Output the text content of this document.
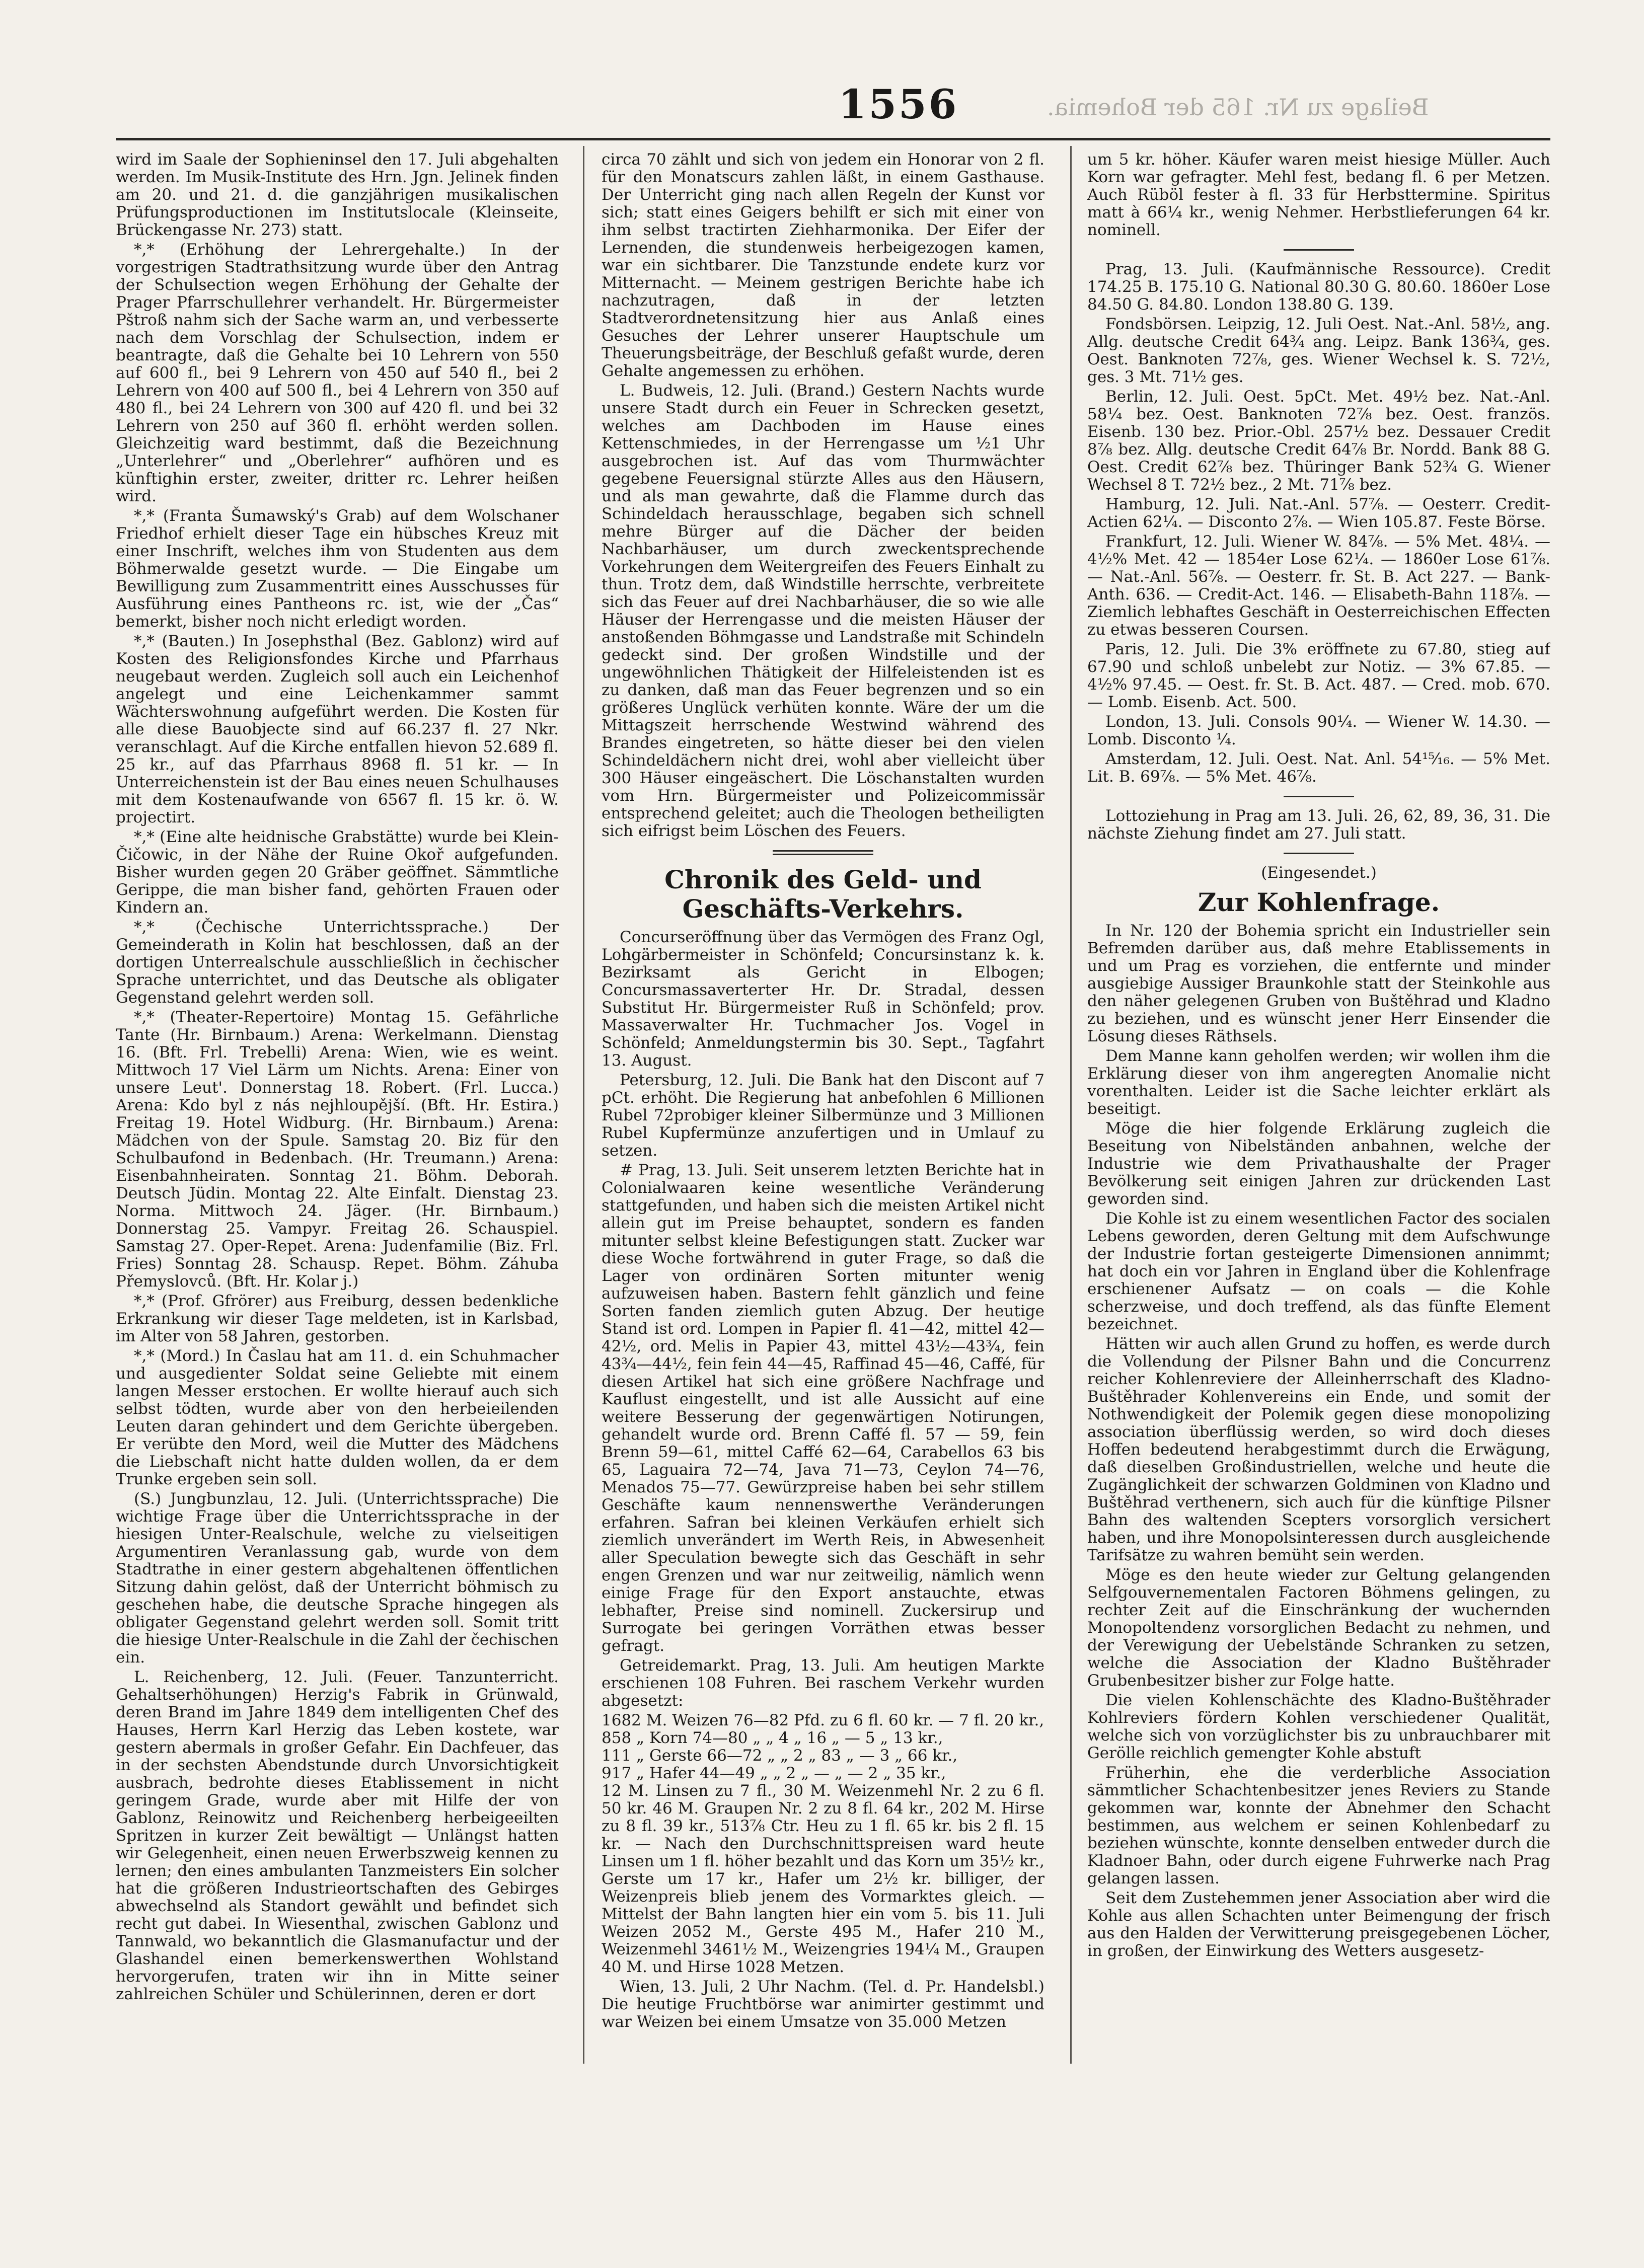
1556	Beilage zu Nr. 165 der Bohemia.

wird im Saale der Sophieninsel den 17. Juli abgehalten werden. Im Musik-Institute des Hrn. Jgn. Jelinek finden am 20. und 21. d. die ganzjährigen musikalischen Prüfungsproductionen im Institutslocale (Kleinseite, Brückengasse Nr. 273) statt.

*,* (Erhöhung der Lehrergehalte.) In der vorgestrigen Stadtrathsitzung wurde über den Antrag der Schulsection wegen Erhöhung der Gehalte der Prager Pfarrschullehrer verhandelt. Hr. Bürgermeister Pštroß nahm sich der Sache warm an, und verbesserte nach dem Vorschlag der Schulsection, indem er beantragte, daß die Gehalte bei 10 Lehrern von 550 auf 600 fl., bei 9 Lehrern von 450 auf 540 fl., bei 2 Lehrern von 400 auf 500 fl., bei 4 Lehrern von 350 auf 480 fl., bei 24 Lehrern von 300 auf 420 fl. und bei 32 Lehrern von 250 auf 360 fl. erhöht werden sollen. Gleichzeitig ward bestimmt, daß die Bezeichnung „Unterlehrer“ und „Oberlehrer“ aufhören und es künftighin erster, zweiter, dritter rc. Lehrer heißen wird.

*,* (Franta Šumawský's Grab) auf dem Wolschaner Friedhof erhielt dieser Tage ein hübsches Kreuz mit einer Inschrift, welches ihm von Studenten aus dem Böhmerwalde gesetzt wurde. — Die Eingabe um Bewilligung zum Zusammentritt eines Ausschusses für Ausführung eines Pantheons rc. ist, wie der „Čas“ bemerkt, bisher noch nicht erledigt worden.

*,* (Bauten.) In Josephsthal (Bez. Gablonz) wird auf Kosten des Religionsfondes Kirche und Pfarrhaus neugebaut werden. Zugleich soll auch ein Leichenhof angelegt und eine Leichenkammer sammt Wächterswohnung aufgeführt werden. Die Kosten für alle diese Bauobjecte sind auf 66.237 fl. 27 Nkr. veranschlagt. Auf die Kirche entfallen hievon 52.689 fl. 25 kr., auf das Pfarrhaus 8968 fl. 51 kr. — In Unterreichenstein ist der Bau eines neuen Schulhauses mit dem Kostenaufwande von 6567 fl. 15 kr. ö. W. projectirt.

*,* (Eine alte heidnische Grabstätte) wurde bei Klein-Čičowic, in der Nähe der Ruine Okoř aufgefunden. Bisher wurden gegen 20 Gräber geöffnet. Sämmtliche Gerippe, die man bisher fand, gehörten Frauen oder Kindern an.

*,* (Čechische Unterrichtssprache.) Der Gemeinderath in Kolin hat beschlossen, daß an der dortigen Unterrealschule ausschließlich in čechischer Sprache unterrichtet, und das Deutsche als obligater Gegenstand gelehrt werden soll.

*,* (Theater-Repertoire) Montag 15. Gefährliche Tante (Hr. Birnbaum.) Arena: Werkelmann. Dienstag 16. (Bft. Frl. Trebelli) Arena: Wien, wie es weint. Mittwoch 17 Viel Lärm um Nichts. Arena: Einer von unsere Leut'. Donnerstag 18. Robert. (Frl. Lucca.) Arena: Kdo byl z nás nejhloupější. (Bft. Hr. Estira.) Freitag 19. Hotel Widburg. (Hr. Birnbaum.) Arena: Mädchen von der Spule. Samstag 20. Biz für den Schulbaufond in Bedenbach. (Hr. Treumann.) Arena: Eisenbahnheiraten. Sonntag 21. Böhm. Deborah. Deutsch Jüdin. Montag 22. Alte Einfalt. Dienstag 23. Norma. Mittwoch 24. Jäger. (Hr. Birnbaum.) Donnerstag 25. Vampyr. Freitag 26. Schauspiel. Samstag 27. Oper-Repet. Arena: Judenfamilie (Biz. Frl. Fries) Sonntag 28. Schausp. Repet. Böhm. Záhuba Přemyslovců. (Bft. Hr. Kolar j.)

*,* (Prof. Gfrörer) aus Freiburg, dessen bedenkliche Erkrankung wir dieser Tage meldeten, ist in Karlsbad, im Alter von 58 Jahren, gestorben.

*,* (Mord.) In Časlau hat am 11. d. ein Schuhmacher und ausgedienter Soldat seine Geliebte mit einem langen Messer erstochen. Er wollte hierauf auch sich selbst tödten, wurde aber von den herbeieilenden Leuten daran gehindert und dem Gerichte übergeben. Er verübte den Mord, weil die Mutter des Mädchens die Liebschaft nicht hatte dulden wollen, da er dem Trunke ergeben sein soll.

(S.) Jungbunzlau, 12. Juli. (Unterrichtssprache) Die wichtige Frage über die Unterrichtssprache in der hiesigen Unter-Realschule, welche zu vielseitigen Argumentiren Veranlassung gab, wurde von dem Stadtrathe in einer gestern abgehaltenen öffentlichen Sitzung dahin gelöst, daß der Unterricht böhmisch zu geschehen habe, die deutsche Sprache hingegen als obligater Gegenstand gelehrt werden soll. Somit tritt die hiesige Unter-Realschule in die Zahl der čechischen ein.

L. Reichenberg, 12. Juli. (Feuer. Tanzunterricht. Gehaltserhöhungen) Herzig's Fabrik in Grünwald, deren Brand im Jahre 1849 dem intelligenten Chef des Hauses, Herrn Karl Herzig das Leben kostete, war gestern abermals in großer Gefahr. Ein Dachfeuer, das in der sechsten Abendstunde durch Unvorsichtigkeit ausbrach, bedrohte dieses Etablissement in nicht geringem Grade, wurde aber mit Hilfe der von Gablonz, Reinowitz und Reichenberg herbeigeeilten Spritzen in kurzer Zeit bewältigt — Unlängst hatten wir Gelegenheit, einen neuen Erwerbszweig kennen zu lernen; den eines ambulanten Tanzmeisters Ein solcher hat die größeren Industrieortschaften des Gebirges abwechselnd als Standort gewählt und befindet sich recht gut dabei. In Wiesenthal, zwischen Gablonz und Tannwald, wo bekanntlich die Glasmanufactur und der Glashandel einen bemerkenswerthen Wohlstand hervorgerufen, traten wir ihn in Mitte seiner zahlreichen Schüler und Schülerinnen, deren er dort

circa 70 zählt und sich von jedem ein Honorar von 2 fl. für den Monatscurs zahlen läßt, in einem Gasthause. Der Unterricht ging nach allen Regeln der Kunst vor sich; statt eines Geigers behilft er sich mit einer von ihm selbst tractirten Ziehharmonika. Der Eifer der Lernenden, die stundenweis herbeigezogen kamen, war ein sichtbarer. Die Tanzstunde endete kurz vor Mitternacht. — Meinem gestrigen Berichte habe ich nachzutragen, daß in der letzten Stadtverordnetensitzung hier aus Anlaß eines Gesuches der Lehrer unserer Hauptschule um Theuerungsbeiträge, der Beschluß gefaßt wurde, deren Gehalte angemessen zu erhöhen.

L. Budweis, 12. Juli. (Brand.) Gestern Nachts wurde unsere Stadt durch ein Feuer in Schrecken gesetzt, welches am Dachboden im Hause eines Kettenschmiedes, in der Herrengasse um ½1 Uhr ausgebrochen ist. Auf das vom Thurmwächter gegebene Feuersignal stürzte Alles aus den Häusern, und als man gewahrte, daß die Flamme durch das Schindeldach herausschlage, begaben sich schnell mehre Bürger auf die Dächer der beiden Nachbarhäuser, um durch zweckentsprechende Vorkehrungen dem Weitergreifen des Feuers Einhalt zu thun. Trotz dem, daß Windstille herrschte, verbreitete sich das Feuer auf drei Nachbarhäuser, die so wie alle Häuser der Herrengasse und die meisten Häuser der anstoßenden Böhmgasse und Landstraße mit Schindeln gedeckt sind. Der großen Windstille und der ungewöhnlichen Thätigkeit der Hilfeleistenden ist es zu danken, daß man das Feuer begrenzen und so ein größeres Unglück verhüten konnte. Wäre der um die Mittagszeit herrschende Westwind während des Brandes eingetreten, so hätte dieser bei den vielen Schindeldächern nicht drei, wohl aber vielleicht über 300 Häuser eingeäschert. Die Löschanstalten wurden vom Hrn. Bürgermeister und Polizeicommissär entsprechend geleitet; auch die Theologen betheiligten sich eifrigst beim Löschen des Feuers.

Chronik des Geld- und Geschäfts-Verkehrs.

Concurseröffnung über das Vermögen des Franz Ogl, Lohgärbermeister in Schönfeld; Concursinstanz k. k. Bezirksamt als Gericht in Elbogen; Concursmassaverterter Hr. Dr. Stradal, dessen Substitut Hr. Bürgermeister Ruß in Schönfeld; prov. Massaverwalter Hr. Tuchmacher Jos. Vogel in Schönfeld; Anmeldungstermin bis 30. Sept., Tagfahrt 13. August.

Petersburg, 12. Juli. Die Bank hat den Discont auf 7 pCt. erhöht. Die Regierung hat anbefohlen 6 Millionen Rubel 72probiger kleiner Silbermünze und 3 Millionen Rubel Kupfermünze anzufertigen und in Umlauf zu setzen.

# Prag, 13. Juli. Seit unserem letzten Berichte hat in Colonialwaaren keine wesentliche Veränderung stattgefunden, und haben sich die meisten Artikel nicht allein gut im Preise behauptet, sondern es fanden mitunter selbst kleine Befestigungen statt. Zucker war diese Woche fortwährend in guter Frage, so daß die Lager von ordinären Sorten mitunter wenig aufzuweisen haben. Bastern fehlt gänzlich und feine Sorten fanden ziemlich guten Abzug. Der heutige Stand ist ord. Lompen in Papier fl. 41—42, mittel 42—42½, ord. Melis in Papier 43, mittel 43½—43¾, fein 43¾—44½, fein fein 44—45, Raffinad 45—46, Caffé, für diesen Artikel hat sich eine größere Nachfrage und Kauflust eingestellt, und ist alle Aussicht auf eine weitere Besserung der gegenwärtigen Notirungen, gehandelt wurde ord. Brenn Caffé fl. 57 — 59, fein Brenn 59—61, mittel Caffé 62—64, Carabellos 63 bis 65, Laguaira 72—74, Java 71—73, Ceylon 74—76, Menados 75—77. Gewürzpreise haben bei sehr stillem Geschäfte kaum nennenswerthe Veränderungen erfahren. Safran bei kleinen Verkäufen erhielt sich ziemlich unverändert im Werth Reis, in Abwesenheit aller Speculation bewegte sich das Geschäft in sehr engen Grenzen und war nur zeitweilig, nämlich wenn einige Frage für den Export anstauchte, etwas lebhafter, Preise sind nominell. Zuckersirup und Surrogate bei geringen Vorräthen etwas besser gefragt.

Getreidemarkt. Prag, 13. Juli. Am heutigen Markte erschienen 108 Fuhren. Bei raschem Verkehr wurden abgesetzt:

1682 M. Weizen 76—82 Pfd. zu 6 fl. 60 kr. — 7 fl. 20 kr.,

858 „ Korn 74—80 „ „ 4 „ 16 „ — 5 „ 13 kr.,

111 „ Gerste 66—72 „ „ 2 „ 83 „ — 3 „ 66 kr.,

917 „ Hafer 44—49 „ „ 2 „ — „ — 2 „ 35 kr.,

12 M. Linsen zu 7 fl., 30 M. Weizenmehl Nr. 2 zu 6 fl. 50 kr. 46 M. Graupen Nr. 2 zu 8 fl. 64 kr., 202 M. Hirse zu 8 fl. 39 kr., 513⅞ Ctr. Heu zu 1 fl. 65 kr. bis 2 fl. 15 kr. — Nach den Durchschnittspreisen ward heute Linsen um 1 fl. höher bezahlt und das Korn um 35½ kr., Gerste um 17 kr., Hafer um 2½ kr. billiger, der Weizenpreis blieb jenem des Vormarktes gleich. — Mittelst der Bahn langten hier ein vom 5. bis 11. Juli Weizen 2052 M., Gerste 495 M., Hafer 210 M., Weizenmehl 3461½ M., Weizengries 194¼ M., Graupen 40 M. und Hirse 1028 Metzen.

Wien, 13. Juli, 2 Uhr Nachm. (Tel. d. Pr. Handelsbl.) Die heutige Fruchtbörse war animirter gestimmt und war Weizen bei einem Umsatze von 35.000 Metzen

um 5 kr. höher. Käufer waren meist hiesige Müller. Auch Korn war gefragter. Mehl fest, bedang fl. 6 per Metzen. Auch Rüböl fester à fl. 33 für Herbsttermine. Spiritus matt à 66¼ kr., wenig Nehmer. Herbstlieferungen 64 kr. nominell.

Prag, 13. Juli. (Kaufmännische Ressource). Credit 174.25 B. 175.10 G. National 80.30 G. 80.60. 1860er Lose 84.50 G. 84.80. London 138.80 G. 139.

Fondsbörsen. Leipzig, 12. Juli Oest. Nat.-Anl. 58½, ang. Allg. deutsche Credit 64¾ ang. Leipz. Bank 136¾, ges. Oest. Banknoten 72⅞, ges. Wiener Wechsel k. S. 72½, ges. 3 Mt. 71½ ges.

Berlin, 12. Juli. Oest. 5pCt. Met. 49½ bez. Nat.-Anl. 58¼ bez. Oest. Banknoten 72⅞ bez. Oest. französ. Eisenb. 130 bez. Prior.-Obl. 257½ bez. Dessauer Credit 8⅞ bez. Allg. deutsche Credit 64⅞ Br. Nordd. Bank 88 G. Oest. Credit 62⅞ bez. Thüringer Bank 52¾ G. Wiener Wechsel 8 T. 72½ bez., 2 Mt. 71⅞ bez.

Hamburg, 12. Juli. Nat.-Anl. 57⅞. — Oesterr. Credit-Actien 62¼. — Disconto 2⅞. — Wien 105.87. Feste Börse.

Frankfurt, 12. Juli. Wiener W. 84⅞. — 5% Met. 48¼. — 4½% Met. 42 — 1854er Lose 62¼. — 1860er Lose 61⅞. — Nat.-Anl. 56⅞. — Oesterr. fr. St. B. Act 227. — Bank-Anth. 636. — Credit-Act. 146. — Elisabeth-Bahn 118⅞. — Ziemlich lebhaftes Geschäft in Oesterreichischen Effecten zu etwas besseren Coursen.

Paris, 12. Juli. Die 3% eröffnete zu 67.80, stieg auf 67.90 und schloß unbelebt zur Notiz. — 3% 67.85. — 4½% 97.45. — Oest. fr. St. B. Act. 487. — Cred. mob. 670. — Lomb. Eisenb. Act. 500.

London, 13. Juli. Consols 90¼. — Wiener W. 14.30. — Lomb. Disconto ¼.

Amsterdam, 12. Juli. Oest. Nat. Anl. 54¹⁵⁄₁₆. — 5% Met. Lit. B. 69⅞. — 5% Met. 46⅞.

Lottoziehung in Prag am 13. Juli. 26, 62, 89, 36, 31. Die nächste Ziehung findet am 27. Juli statt.

(Eingesendet.)

Zur Kohlenfrage.

In Nr. 120 der Bohemia spricht ein Industrieller sein Befremden darüber aus, daß mehre Etablissements in und um Prag es vorziehen, die entfernte und minder ausgiebige Aussiger Braunkohle statt der Steinkohle aus den näher gelegenen Gruben von Buštěhrad und Kladno zu beziehen, und es wünscht jener Herr Einsender die Lösung dieses Räthsels.

Dem Manne kann geholfen werden; wir wollen ihm die Erklärung dieser von ihm angeregten Anomalie nicht vorenthalten. Leider ist die Sache leichter erklärt als beseitigt.

Möge die hier folgende Erklärung zugleich die Beseitung von Nibelständen anbahnen, welche der Industrie wie dem Privathaushalte der Prager Bevölkerung seit einigen Jahren zur drückenden Last geworden sind.

Die Kohle ist zu einem wesentlichen Factor des socialen Lebens geworden, deren Geltung mit dem Aufschwunge der Industrie fortan gesteigerte Dimensionen annimmt; hat doch ein vor Jahren in England über die Kohlenfrage erschienener Aufsatz — on coals — die Kohle scherzweise, und doch treffend, als das fünfte Element bezeichnet.

Hätten wir auch allen Grund zu hoffen, es werde durch die Vollendung der Pilsner Bahn und die Concurrenz reicher Kohlenreviere der Alleinherrschaft des Kladno-Buštěhrader Kohlenvereins ein Ende, und somit der Nothwendigkeit der Polemik gegen diese monopolizing association überflüssig werden, so wird doch dieses Hoffen bedeutend herabgestimmt durch die Erwägung, daß dieselben Großindustriellen, welche und heute die Zugänglichkeit der schwarzen Goldminen von Kladno und Buštěhrad verthenern, sich auch für die künftige Pilsner Bahn des waltenden Scepters vorsorglich versichert haben, und ihre Monopolsinteressen durch ausgleichende Tarifsätze zu wahren bemüht sein werden.

Möge es den heute wieder zur Geltung gelangenden Selfgouvernementalen Factoren Böhmens gelingen, zu rechter Zeit auf die Einschränkung der wuchernden Monopoltendenz vorsorglichen Bedacht zu nehmen, und der Verewigung der Uebelstände Schranken zu setzen, welche die Association der Kladno Buštěhrader Grubenbesitzer bisher zur Folge hatte.

Die vielen Kohlenschächte des Kladno-Buštěhrader Kohlreviers fördern Kohlen verschiedener Qualität, welche sich von vorzüglichster bis zu unbrauchbarer mit Gerölle reichlich gemengter Kohle abstuft

Früherhin, ehe die verderbliche Association sämmtlicher Schachtenbesitzer jenes Reviers zu Stande gekommen war, konnte der Abnehmer den Schacht bestimmen, aus welchem er seinen Kohlenbedarf zu beziehen wünschte, konnte denselben entweder durch die Kladnoer Bahn, oder durch eigene Fuhrwerke nach Prag gelangen lassen.

Seit dem Zustehemmen jener Association aber wird die Kohle aus allen Schachten unter Beimengung der frisch aus den Halden der Verwitterung preisgegebenen Löcher, in großen, der Einwirkung des Wetters ausgesetz-
